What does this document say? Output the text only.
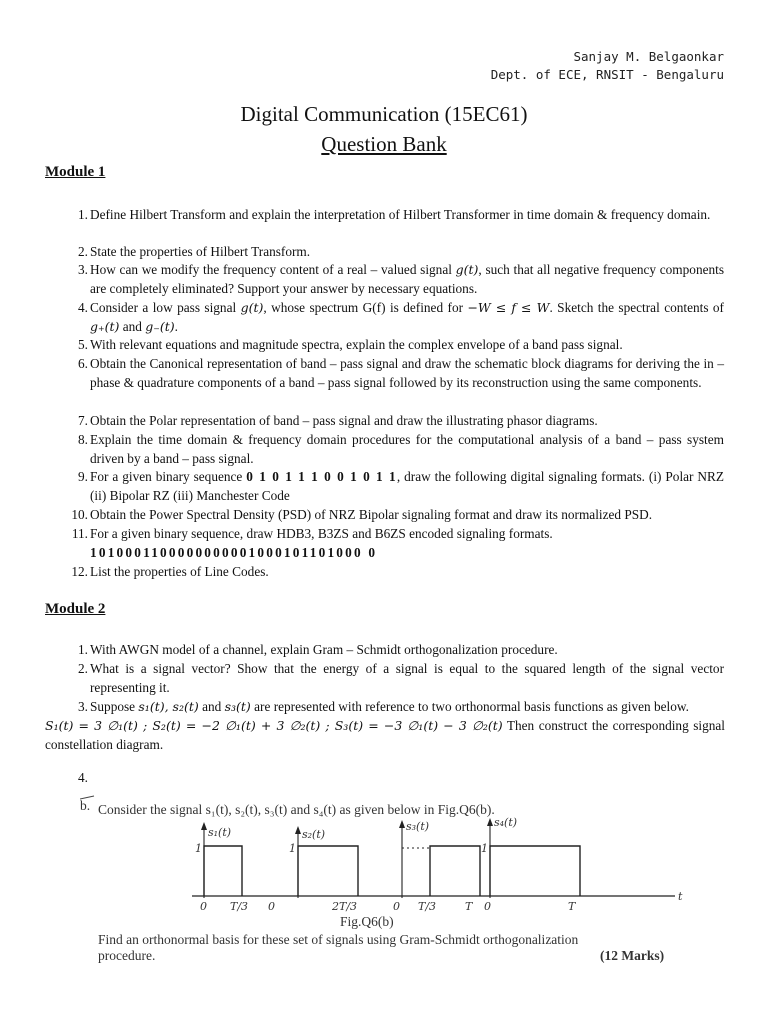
Sanjay M. Belgaonkar
Dept. of ECE, RNSIT - Bengaluru
Digital Communication (15EC61)
Question Bank
Module 1
1. Define Hilbert Transform and explain the interpretation of Hilbert Transformer in time domain & frequency domain.
2. State the properties of Hilbert Transform.
3. How can we modify the frequency content of a real – valued signal g(t), such that all negative frequency components are completely eliminated? Support your answer by necessary equations.
4. Consider a low pass signal g(t), whose spectrum G(f) is defined for −W ≤ f ≤ W. Sketch the spectral contents of g₊(t) and g₋(t).
5. With relevant equations and magnitude spectra, explain the complex envelope of a band pass signal.
6. Obtain the Canonical representation of band – pass signal and draw the schematic block diagrams for deriving the in – phase & quadrature components of a band – pass signal followed by its reconstruction using the same components.
7. Obtain the Polar representation of band – pass signal and draw the illustrating phasor diagrams.
8. Explain the time domain & frequency domain procedures for the computational analysis of a band – pass system driven by a band – pass signal.
9. For a given binary sequence 0 1 0 1 1 1 0 0 1 0 1 1, draw the following digital signaling formats. (i) Polar NRZ (ii) Bipolar RZ (iii) Manchester Code
10. Obtain the Power Spectral Density (PSD) of NRZ Bipolar signaling format and draw its normalized PSD.
11. For a given binary sequence, draw HDB3, B3ZS and B6ZS encoded signaling formats.
1010001100000000001000101101000 0
12. List the properties of Line Codes.
Module 2
1. With AWGN model of a channel, explain Gram – Schmidt orthogonalization procedure.
2. What is a signal vector? Show that the energy of a signal is equal to the squared length of the signal vector representing it.
3. Suppose s₁(t), s₂(t) and s₃(t) are represented with reference to two orthonormal basis functions as given below.
S₁(t) = 3 ∅₁(t) ; S₂(t) = −2 ∅₁(t) + 3 ∅₂(t) ; S₃(t) = −3 ∅₁(t) − 3 ∅₂(t) Then construct the corresponding signal constellation diagram.
4.
b. Consider the signal s₁(t), s₂(t), s₃(t) and s₄(t) as given below in Fig.Q6(b).
s₁(t)
1
0 T/3
s₂(t)
1
0	2T/3
s₃(t)
0 T/3	T
s₄(t)
1
0	T
t
Fig.Q6(b)
Find an orthonormal basis for these set of signals using Gram-Schmidt orthogonalization
procedure.	(12 Marks)
